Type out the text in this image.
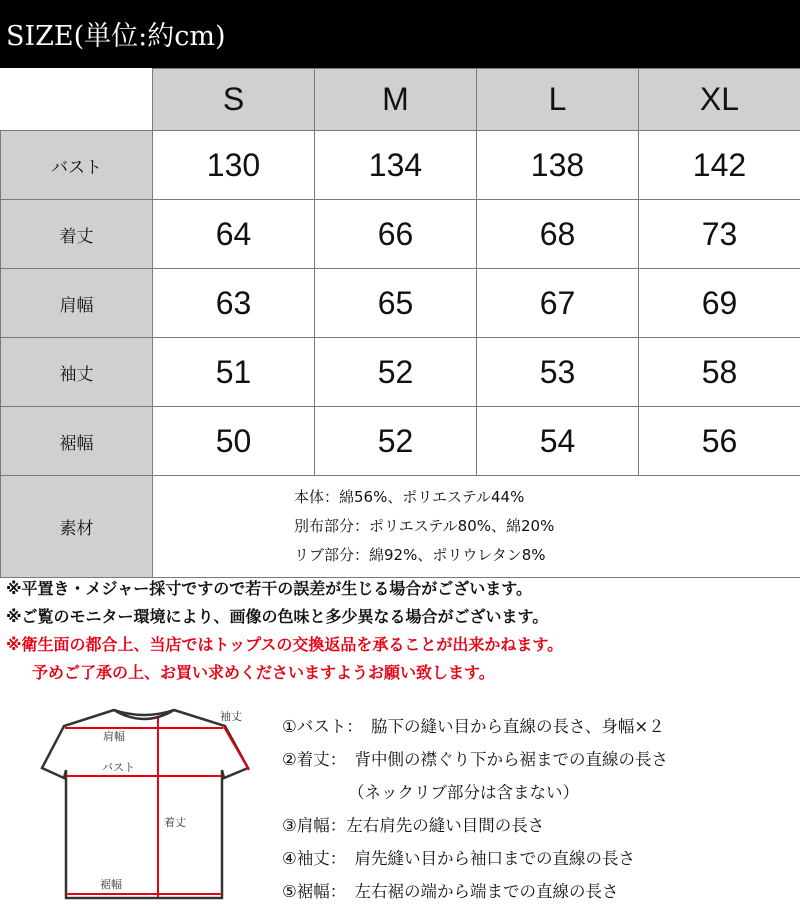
SIZE(単位:約cm)
	S	M	L	XL
バスト	130	134	138	142
着丈	64	66	68	73
肩幅	63	65	67	69
袖丈	51	52	53	58
裾幅	50	52	54	56
素材	本体：綿56%、ポリエステル44%
別布部分：ポリエステル80%、綿20%
リブ部分：綿92%、ポリウレタン8%			
※平置き・メジャー採寸ですので若干の誤差が生じる場合がございます。
※ご覧のモニター環境により、画像の色味と多少異なる場合がございます。
※衛生面の都合上、当店ではトップスの交換返品を承ることが出来かねます。
予めご了承の上、お買い求めくださいますようお願い致します。
袖丈
肩幅
バスト
着丈
裾幅
①バスト：　脇下の縫い目から直線の長さ、身幅×２
②着丈：　背中側の襟ぐり下から裾までの直線の長さ
（ネックリブ部分は含まない）
③肩幅：左右肩先の縫い目間の長さ
④袖丈：　肩先縫い目から袖口までの直線の長さ
⑤裾幅：　左右裾の端から端までの直線の長さ
